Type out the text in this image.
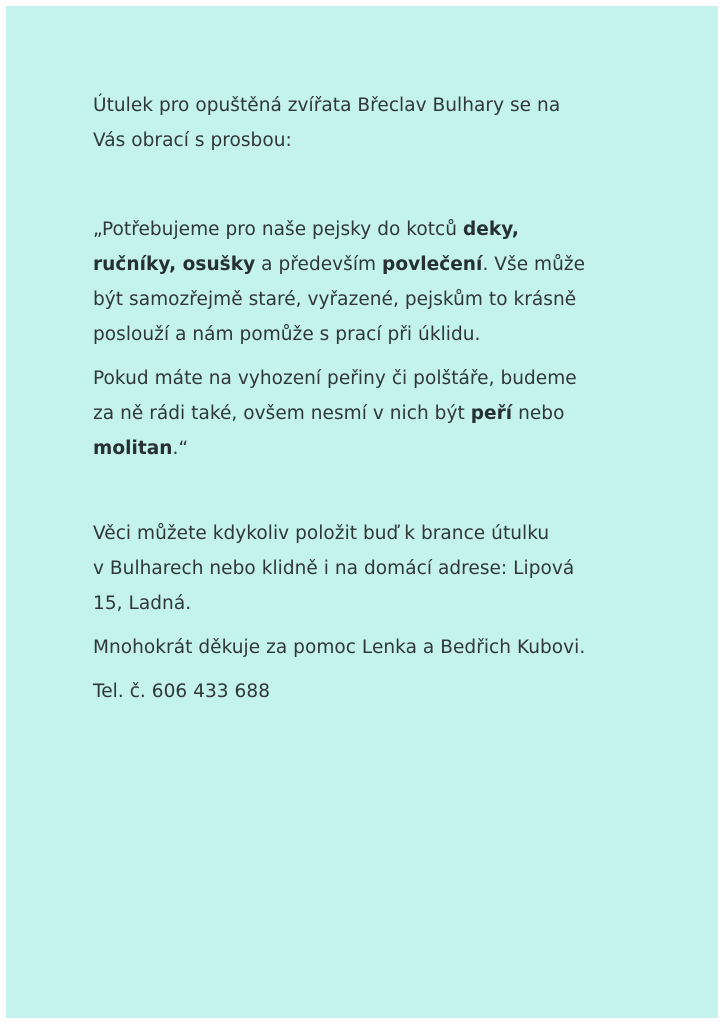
Útulek pro opuštěná zvířata Břeclav Bulhary se na
Vás obrací s prosbou:
„Potřebujeme pro naše pejsky do kotců deky,
ručníky, osušky a především povlečení. Vše může
být samozřejmě staré, vyřazené, pejskům to krásně
poslouží a nám pomůže s prací při úklidu.
Pokud máte na vyhození peřiny či polštáře, budeme
za ně rádi také, ovšem nesmí v nich být peří nebo
molitan.“
Věci můžete kdykoliv položit buď k brance útulku
v Bulharech nebo klidně i na domácí adrese: Lipová
15, Ladná.
Mnohokrát děkuje za pomoc Lenka a Bedřich Kubovi.
Tel. č. 606 433 688
